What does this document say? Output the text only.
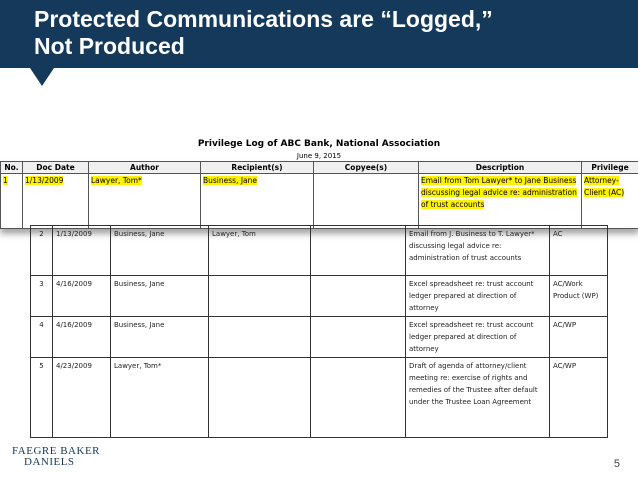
Protected Communications are “Logged,”
Not Produced
Privilege Log of ABC Bank, National Association
June 9, 2015
No.	Doc Date	Author	Recipient(s)	Copyee(s)	Description	Privilege
1	1/13/2009	Lawyer, Tom*	Business, Jane		Email from Tom Lawyer* to Jane Business discussing legal advice re: administration of trust accounts	Attorney-Client (AC)
2	1/13/2009	Business, Jane	Lawyer, Tom		Email from J. Business to T. Lawyer* discussing legal advice re: administration of trust accounts	AC
3	4/16/2009	Business, Jane			Excel spreadsheet re: trust account ledger prepared at direction of attorney	AC/Work Product (WP)
4	4/16/2009	Business, Jane			Excel spreadsheet re: trust account ledger prepared at direction of attorney	AC/WP
5	4/23/2009	Lawyer, Tom*			Draft of agenda of attorney/client meeting re: exercise of rights and remedies of the Trustee after default under the Trustee Loan Agreement	AC/WP
FAEGRE BAKER
DANIELS	5
